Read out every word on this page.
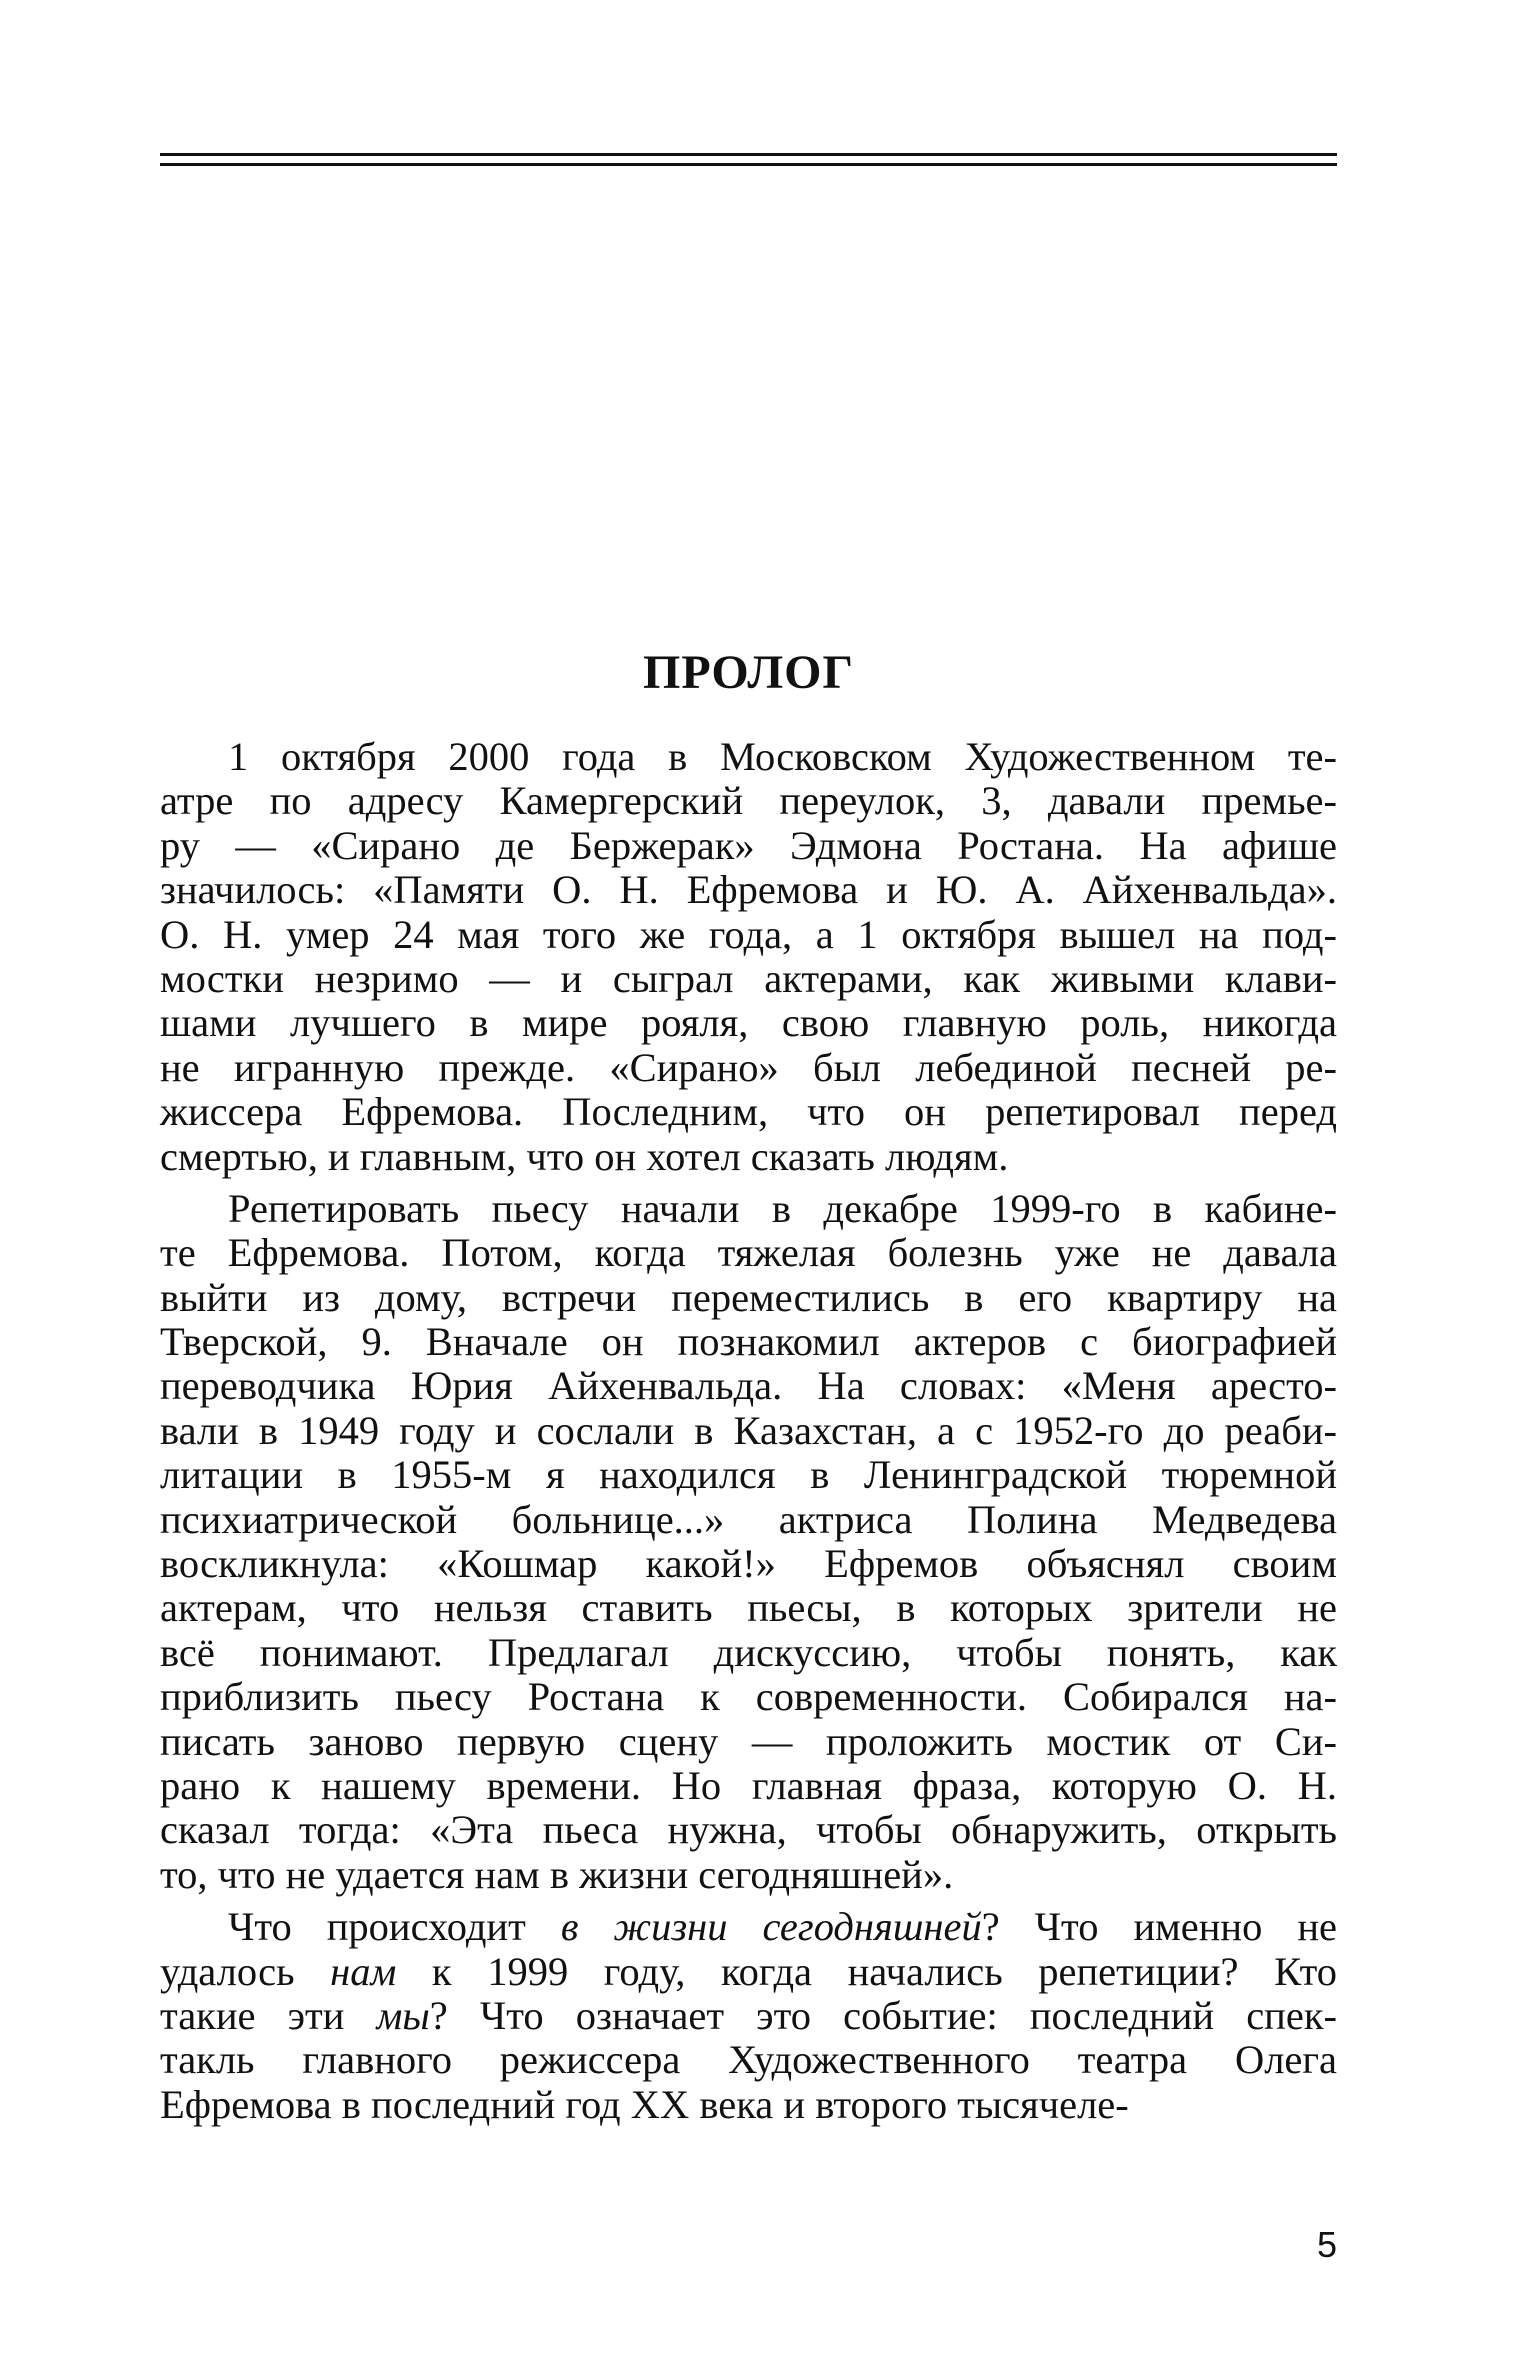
ПРОЛОГ
1 октября 2000 года в Московском Художественном те-
атре по адресу Камергерский переулок, 3, давали премье-
ру — «Сирано де Бержерак» Эдмона Ростана. На афише
значилось: «Памяти О. Н. Ефремова и Ю. А. Айхенвальда».
О. Н. умер 24 мая того же года, а 1 октября вышел на под-
мостки незримо — и сыграл актерами, как живыми клави-
шами лучшего в мире рояля, свою главную роль, никогда
не игранную прежде. «Сирано» был лебединой песней ре-
жиссера Ефремова. Последним, что он репетировал перед
смертью, и главным, что он хотел сказать людям.
Репетировать пьесу начали в декабре 1999-го в кабине-
те Ефремова. Потом, когда тяжелая болезнь уже не давала
выйти из дому, встречи переместились в его квартиру на
Тверской, 9. Вначале он познакомил актеров с биографией
переводчика Юрия Айхенвальда. На словах: «Меня аресто-
вали в 1949 году и сослали в Казахстан, а с 1952-го до реаби-
литации в 1955-м я находился в Ленинградской тюремной
психиатрической больнице...» актриса Полина Медведева
воскликнула: «Кошмар какой!» Ефремов объяснял своим
актерам, что нельзя ставить пьесы, в которых зрители не
всё понимают. Предлагал дискуссию, чтобы понять, как
приблизить пьесу Ростана к современности. Собирался на-
писать заново первую сцену — проложить мостик от Си-
рано к нашему времени. Но главная фраза, которую О. Н.
сказал тогда: «Эта пьеса нужна, чтобы обнаружить, открыть
то, что не удается нам в жизни сегодняшней».
Что происходит в жизни сегодняшней? Что именно не
удалось нам к 1999 году, когда начались репетиции? Кто
такие эти мы? Что означает это событие: последний спек-
такль главного режиссера Художественного театра Олега
Ефремова в последний год ХХ века и второго тысячеле-
5
